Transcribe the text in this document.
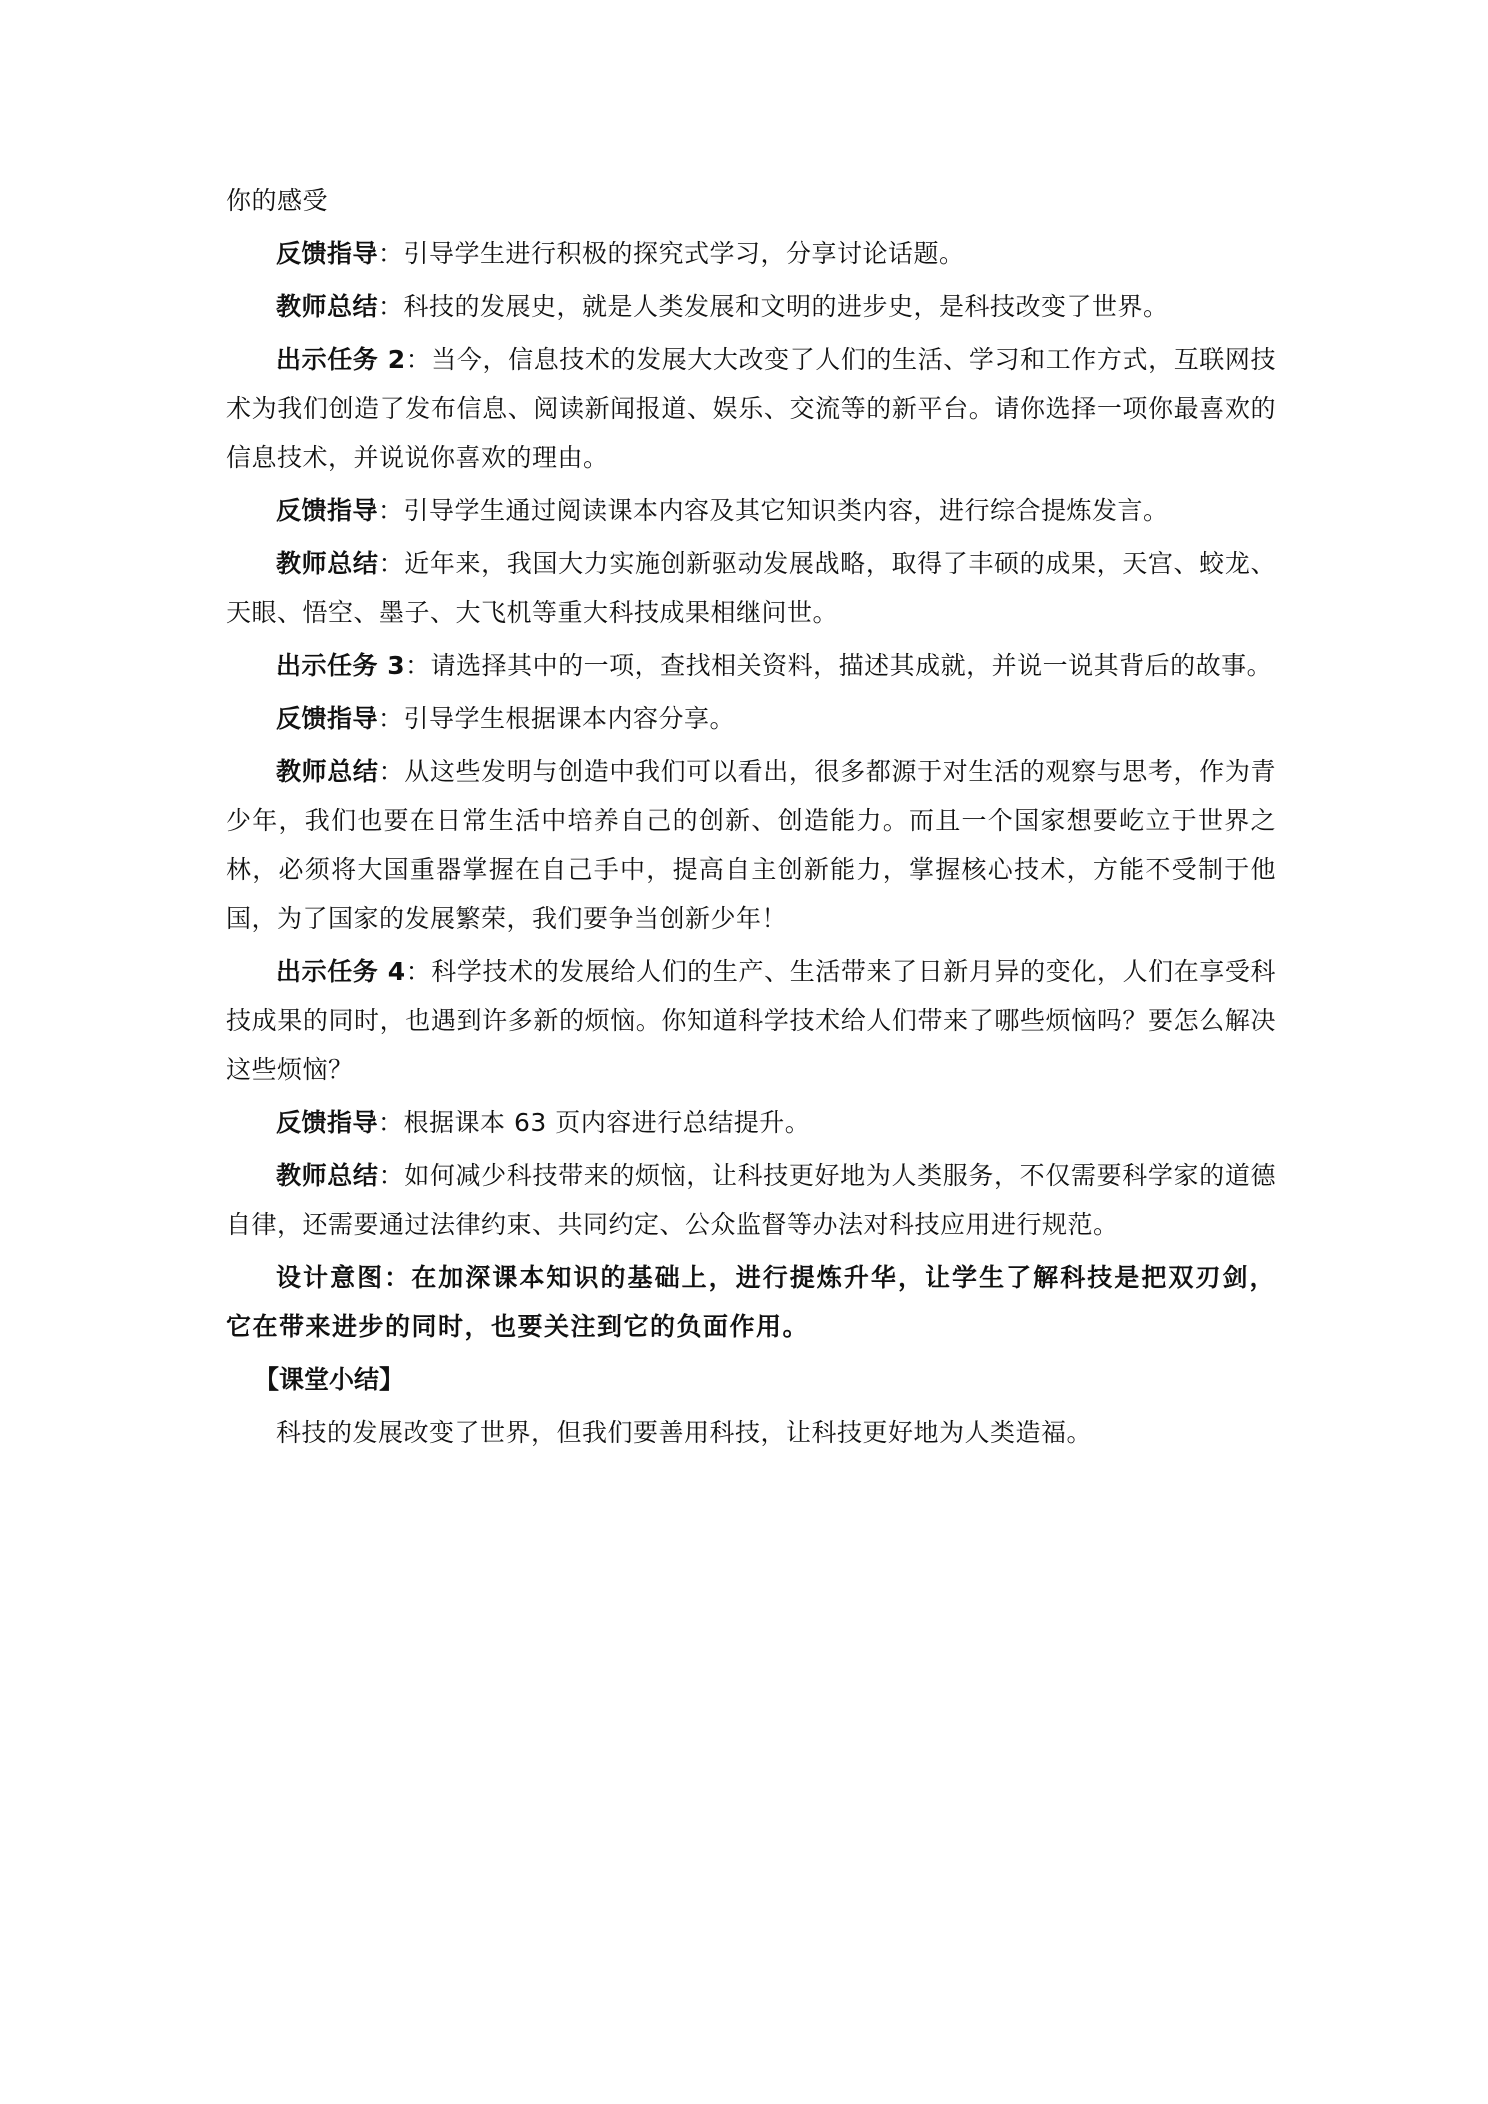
你的感受

反馈指导：引导学生进行积极的探究式学习，分享讨论话题。

教师总结：科技的发展史，就是人类发展和文明的进步史，是科技改变了世界。

出示任务 2：当今，信息技术的发展大大改变了人们的生活、学习和工作方式，互联网技术为我们创造了发布信息、阅读新闻报道、娱乐、交流等的新平台。请你选择一项你最喜欢的信息技术，并说说你喜欢的理由。

反馈指导：引导学生通过阅读课本内容及其它知识类内容，进行综合提炼发言。

教师总结：近年来，我国大力实施创新驱动发展战略，取得了丰硕的成果，天宫、蛟龙、天眼、悟空、墨子、大飞机等重大科技成果相继问世。

出示任务 3：请选择其中的一项，查找相关资料，描述其成就，并说一说其背后的故事。

反馈指导：引导学生根据课本内容分享。

教师总结：从这些发明与创造中我们可以看出，很多都源于对生活的观察与思考，作为青少年，我们也要在日常生活中培养自己的创新、创造能力。而且一个国家想要屹立于世界之林，必须将大国重器掌握在自己手中，提高自主创新能力，掌握核心技术，方能不受制于他国，为了国家的发展繁荣，我们要争当创新少年！

出示任务 4：科学技术的发展给人们的生产、生活带来了日新月异的变化，人们在享受科技成果的同时，也遇到许多新的烦恼。你知道科学技术给人们带来了哪些烦恼吗？要怎么解决这些烦恼？

反馈指导：根据课本 63 页内容进行总结提升。

教师总结：如何减少科技带来的烦恼，让科技更好地为人类服务，不仅需要科学家的道德自律，还需要通过法律约束、共同约定、公众监督等办法对科技应用进行规范。

设计意图：在加深课本知识的基础上，进行提炼升华，让学生了解科技是把双刃剑，它在带来进步的同时，也要关注到它的负面作用。

【课堂小结】

科技的发展改变了世界，但我们要善用科技，让科技更好地为人类造福。
